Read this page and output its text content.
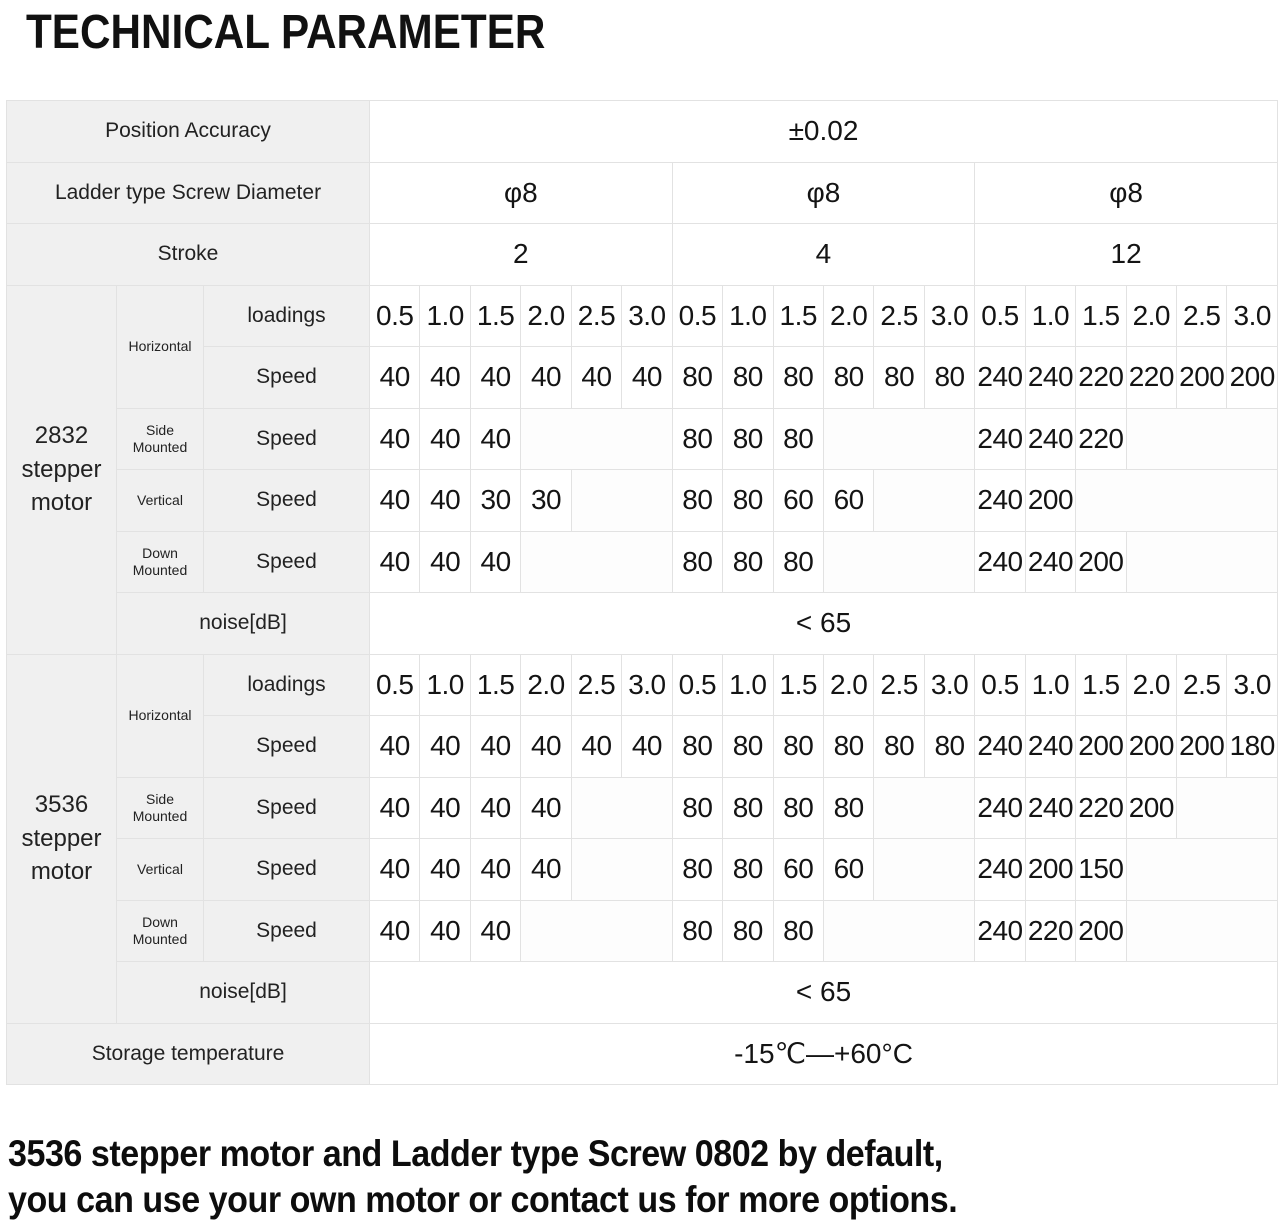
TECHNICAL PARAMETER
Position Accuracy			±0.02																	
Ladder type Screw Diameter			φ8						φ8						φ8					
Stroke			2						4						12					
2832 stepper motor	Horizontal	loadings	0.5	1.0	1.5	2.0	2.5	3.0	0.5	1.0	1.5	2.0	2.5	3.0	0.5	1.0	1.5	2.0	2.5	3.0
		Speed	40	40	40	40	40	40	80	80	80	80	80	80	240	240	220	220	200	200
	Side Mounted	Speed	40	40	40				80	80	80				240	240	220			
	Vertical	Speed	40	40	30	30			80	80	60	60			240	200				
	Down Mounted	Speed	40	40	40				80	80	80				240	240	200			
	noise[dB]		< 65																	
3536 stepper motor	Horizontal	loadings	0.5	1.0	1.5	2.0	2.5	3.0	0.5	1.0	1.5	2.0	2.5	3.0	0.5	1.0	1.5	2.0	2.5	3.0
		Speed	40	40	40	40	40	40	80	80	80	80	80	80	240	240	200	200	200	180
	Side Mounted	Speed	40	40	40	40			80	80	80	80			240	240	220	200		
	Vertical	Speed	40	40	40	40			80	80	60	60			240	200	150			
	Down Mounted	Speed	40	40	40				80	80	80				240	220	200			
	noise[dB]		< 65																	
Storage temperature			-15℃—+60°C																	
3536 stepper motor and Ladder type Screw 0802 by default,
you can use your own motor or contact us for more options.
